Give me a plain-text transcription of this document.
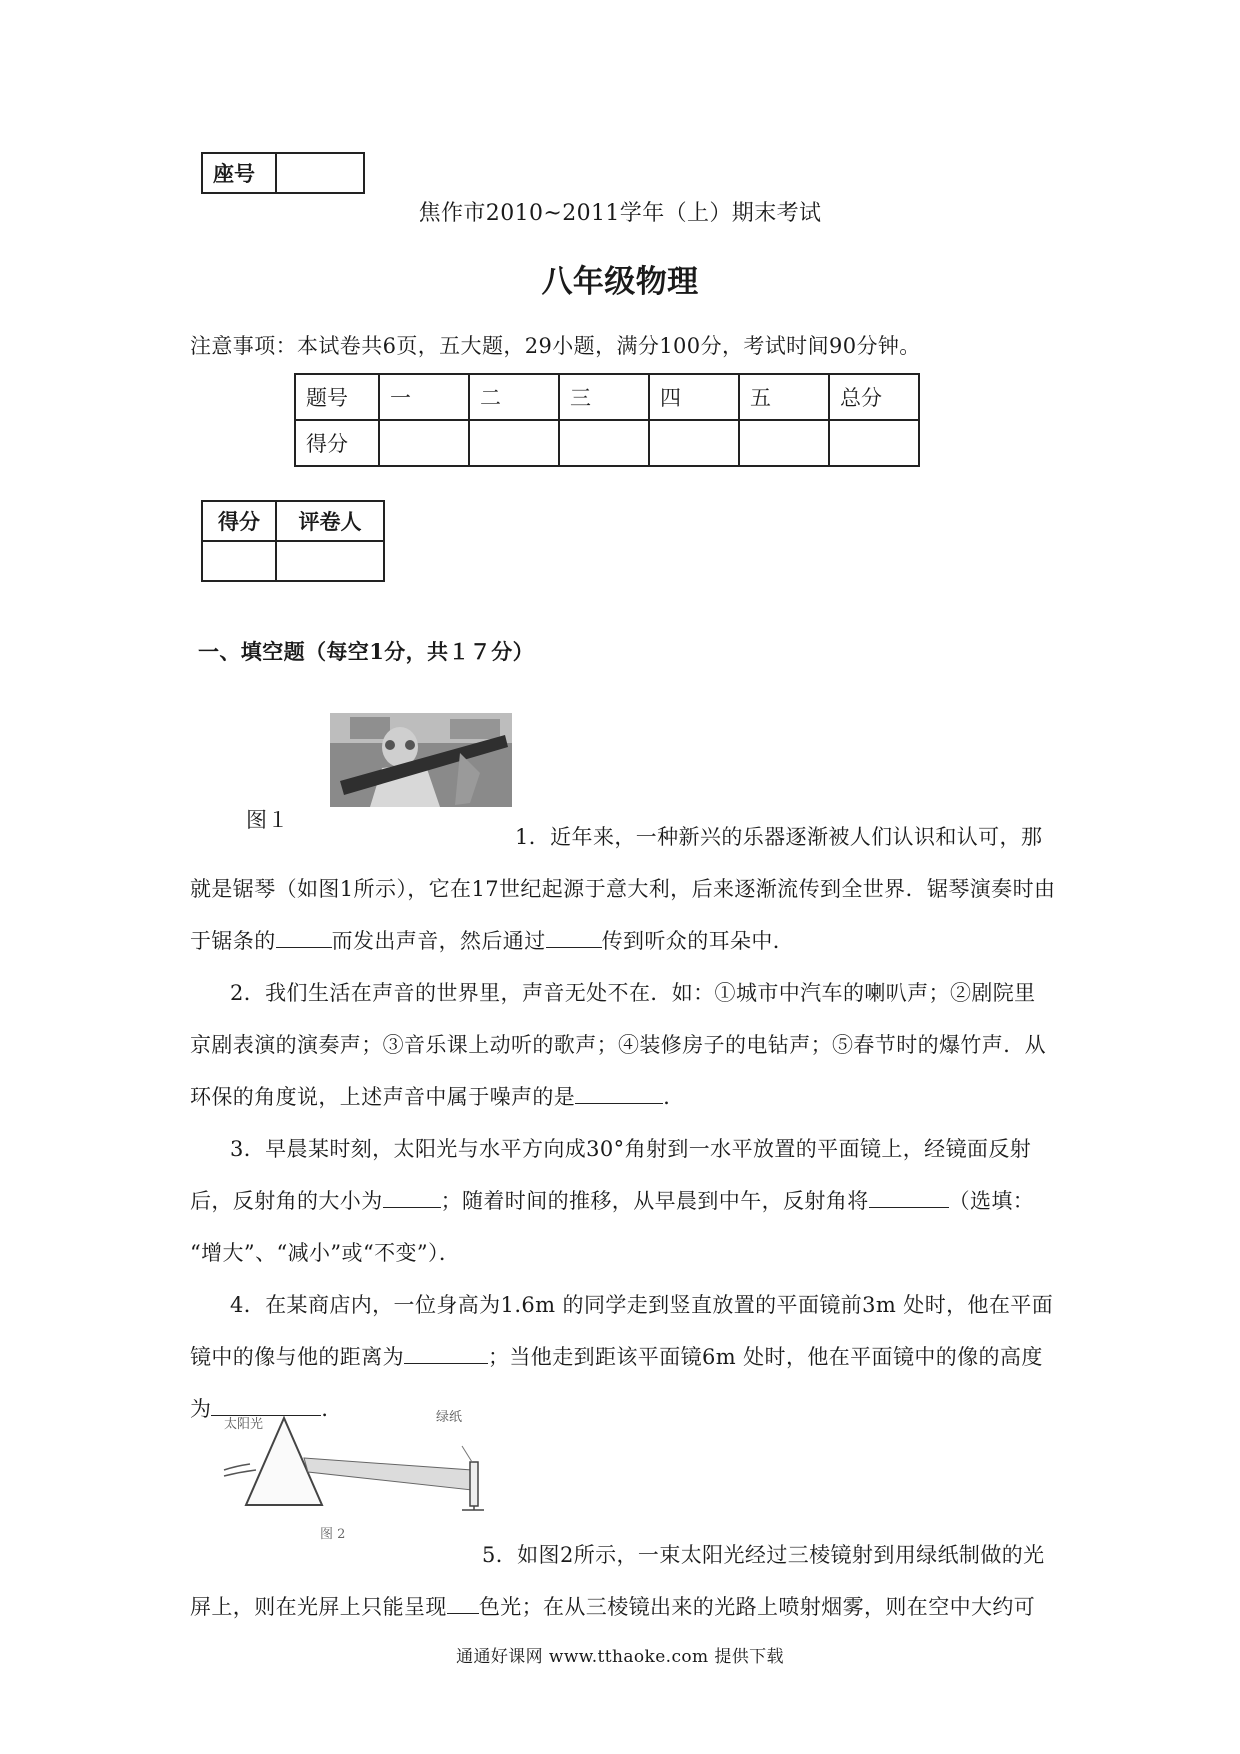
座号	
焦作市2010~2011学年（上）期末考试
八年级物理
注意事项：本试卷共6页，五大题，29小题，满分100分，考试时间90分钟。
题号	一	二	三	四	五	总分
得分						
得分	评卷人

一、填空题（每空1分，共１７分）
图１
1．近年来，一种新兴的乐器逐渐被人们认识和认可，那
就是锯琴（如图1所示），它在17世纪起源于意大利，后来逐渐流传到全世界．锯琴演奏时由
于锯条的	而发出声音，然后通过	传到听众的耳朵中．
2．我们生活在声音的世界里，声音无处不在．如：①城市中汽车的喇叭声；②剧院里
京剧表演的演奏声；③音乐课上动听的歌声；④装修房子的电钻声；⑤春节时的爆竹声．从
环保的角度说，上述声音中属于噪声的是	．
3．早晨某时刻，太阳光与水平方向成30°角射到一水平放置的平面镜上，经镜面反射
后，反射角的大小为	；随着时间的推移，从早晨到中午，反射角将	（选填：
“增大”、“减小”或“不变”）．
4．在某商店内，一位身高为1.6m 的同学走到竖直放置的平面镜前3m 处时，他在平面
镜中的像与他的距离为	；当他走到距该平面镜6m 处时，他在平面镜中的像的高度
为	．
太阳光	绿纸
图 2
5．如图2所示，一束太阳光经过三棱镜射到用绿纸制做的光
屏上，则在光屏上只能呈现 色光；在从三棱镜出来的光路上喷射烟雾，则在空中大约可
通通好课网 www.tthaoke.com 提供下载
